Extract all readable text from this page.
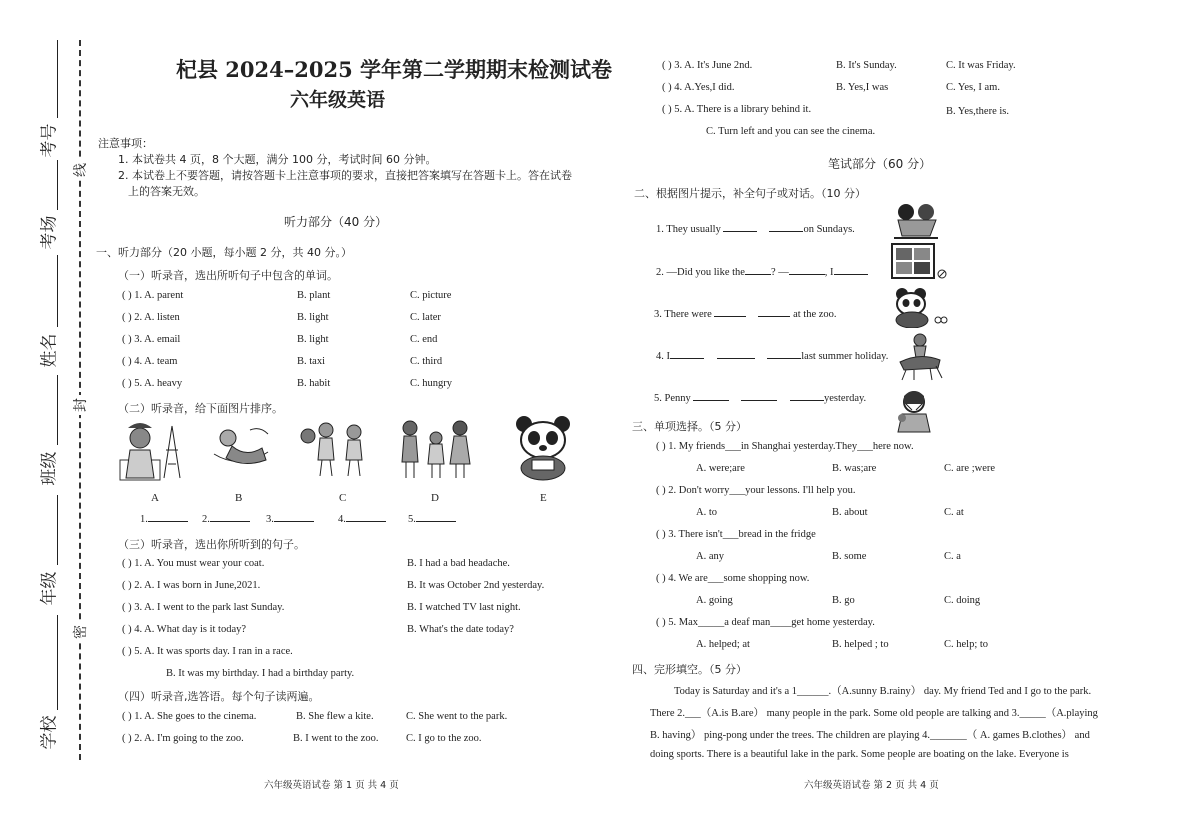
考号
考场
姓名
班级
年级
学校
线
封
密
杞县 2024–2025 学年第二学期期末检测试卷
六年级英语
注意事项：
1. 本试卷共 4 页，8 个大题，满分 100 分，考试时间 60 分钟。
2. 本试卷上不要答题，请按答题卡上注意事项的要求，直接把答案填写在答题卡上。答在试卷
上的答案无效。
听力部分（40 分）
一、听力部分（20 小题，每小题 2 分，共 40 分。）
（一）听录音，选出所听句子中包含的单词。
( ) 1. A. parent	B. plant	C. picture
( ) 2. A. listen	B. light	C. later
( ) 3. A. email	B. light	C. end
( ) 4. A. team	B. taxi	C. third
( ) 5. A. heavy	B. habit	C. hungry
（二）听录音，给下面图片排序。
A	B	C	D	E
1.	2.	3.	4.	5.
（三）听录音，选出你所听到的句子。
( ) 1. A. You must wear your coat.	B. I had a bad headache.
( ) 2. A. I was born in June,2021.	B. It was October 2nd yesterday.
( ) 3. A. I went to the park last Sunday.	B. I watched TV last night.
( ) 4. A. What day is it today?	B. What's the date today?
( ) 5. A. It was sports day. I ran in a race.
B. It was my birthday. I had a birthday party.
（四）听录音,选答语。每个句子读两遍。
( ) 1. A. She goes to the cinema.	B. She flew a kite.	C. She went to the park.
( ) 2. A. I'm going to the zoo.	B. I went to the zoo.	C. I go to the zoo.
六年级英语试卷 第 1 页 共 4 页
( ) 3. A. It's June 2nd.	B. It's Sunday.	C. It was Friday.
( ) 4. A.Yes,I did.	B. Yes,I was	C. Yes, I am.
( ) 5. A. There is a library behind it.	B. Yes,there is.
C. Turn left and you can see the cinema.
笔试部分（60 分）
二、根据图片提示，补全句子或对话。（10 分）
1. They usually	on Sundays.
2. —Did you like the ? —	, I
3. There were	at the zoo.
4. I	last summer holiday.
5. Penny	yesterday.
三、单项选择。（5 分）
( ) 1. My friends___in Shanghai yesterday.They___here now.
A. were;are	B. was;are	C. are ;were
( ) 2. Don't worry___your lessons. I'll help you.
A. to	B. about	C. at
( ) 3. There isn't___bread in the fridge
A. any	B. some	C. a
( ) 4. We are___some shopping now.
A. going	B. go	C. doing
( ) 5. Max_____a deaf man____get home yesterday.
A. helped; at	B. helped ; to	C. help; to
四、完形填空。（5 分）
Today is Saturday and it's a 1______.（A.sunny B.rainy） day. My friend Ted and I go to the park.
There 2.___（A.is B.are） many people in the park. Some old people are talking and 3._____（A.playing
B. having） ping-pong under the trees. The children are playing 4._______（ A. games B.clothes） and
doing sports. There is a beautiful lake in the park. Some people are boating on the lake. Everyone is
六年级英语试卷 第 2 页 共 4 页
